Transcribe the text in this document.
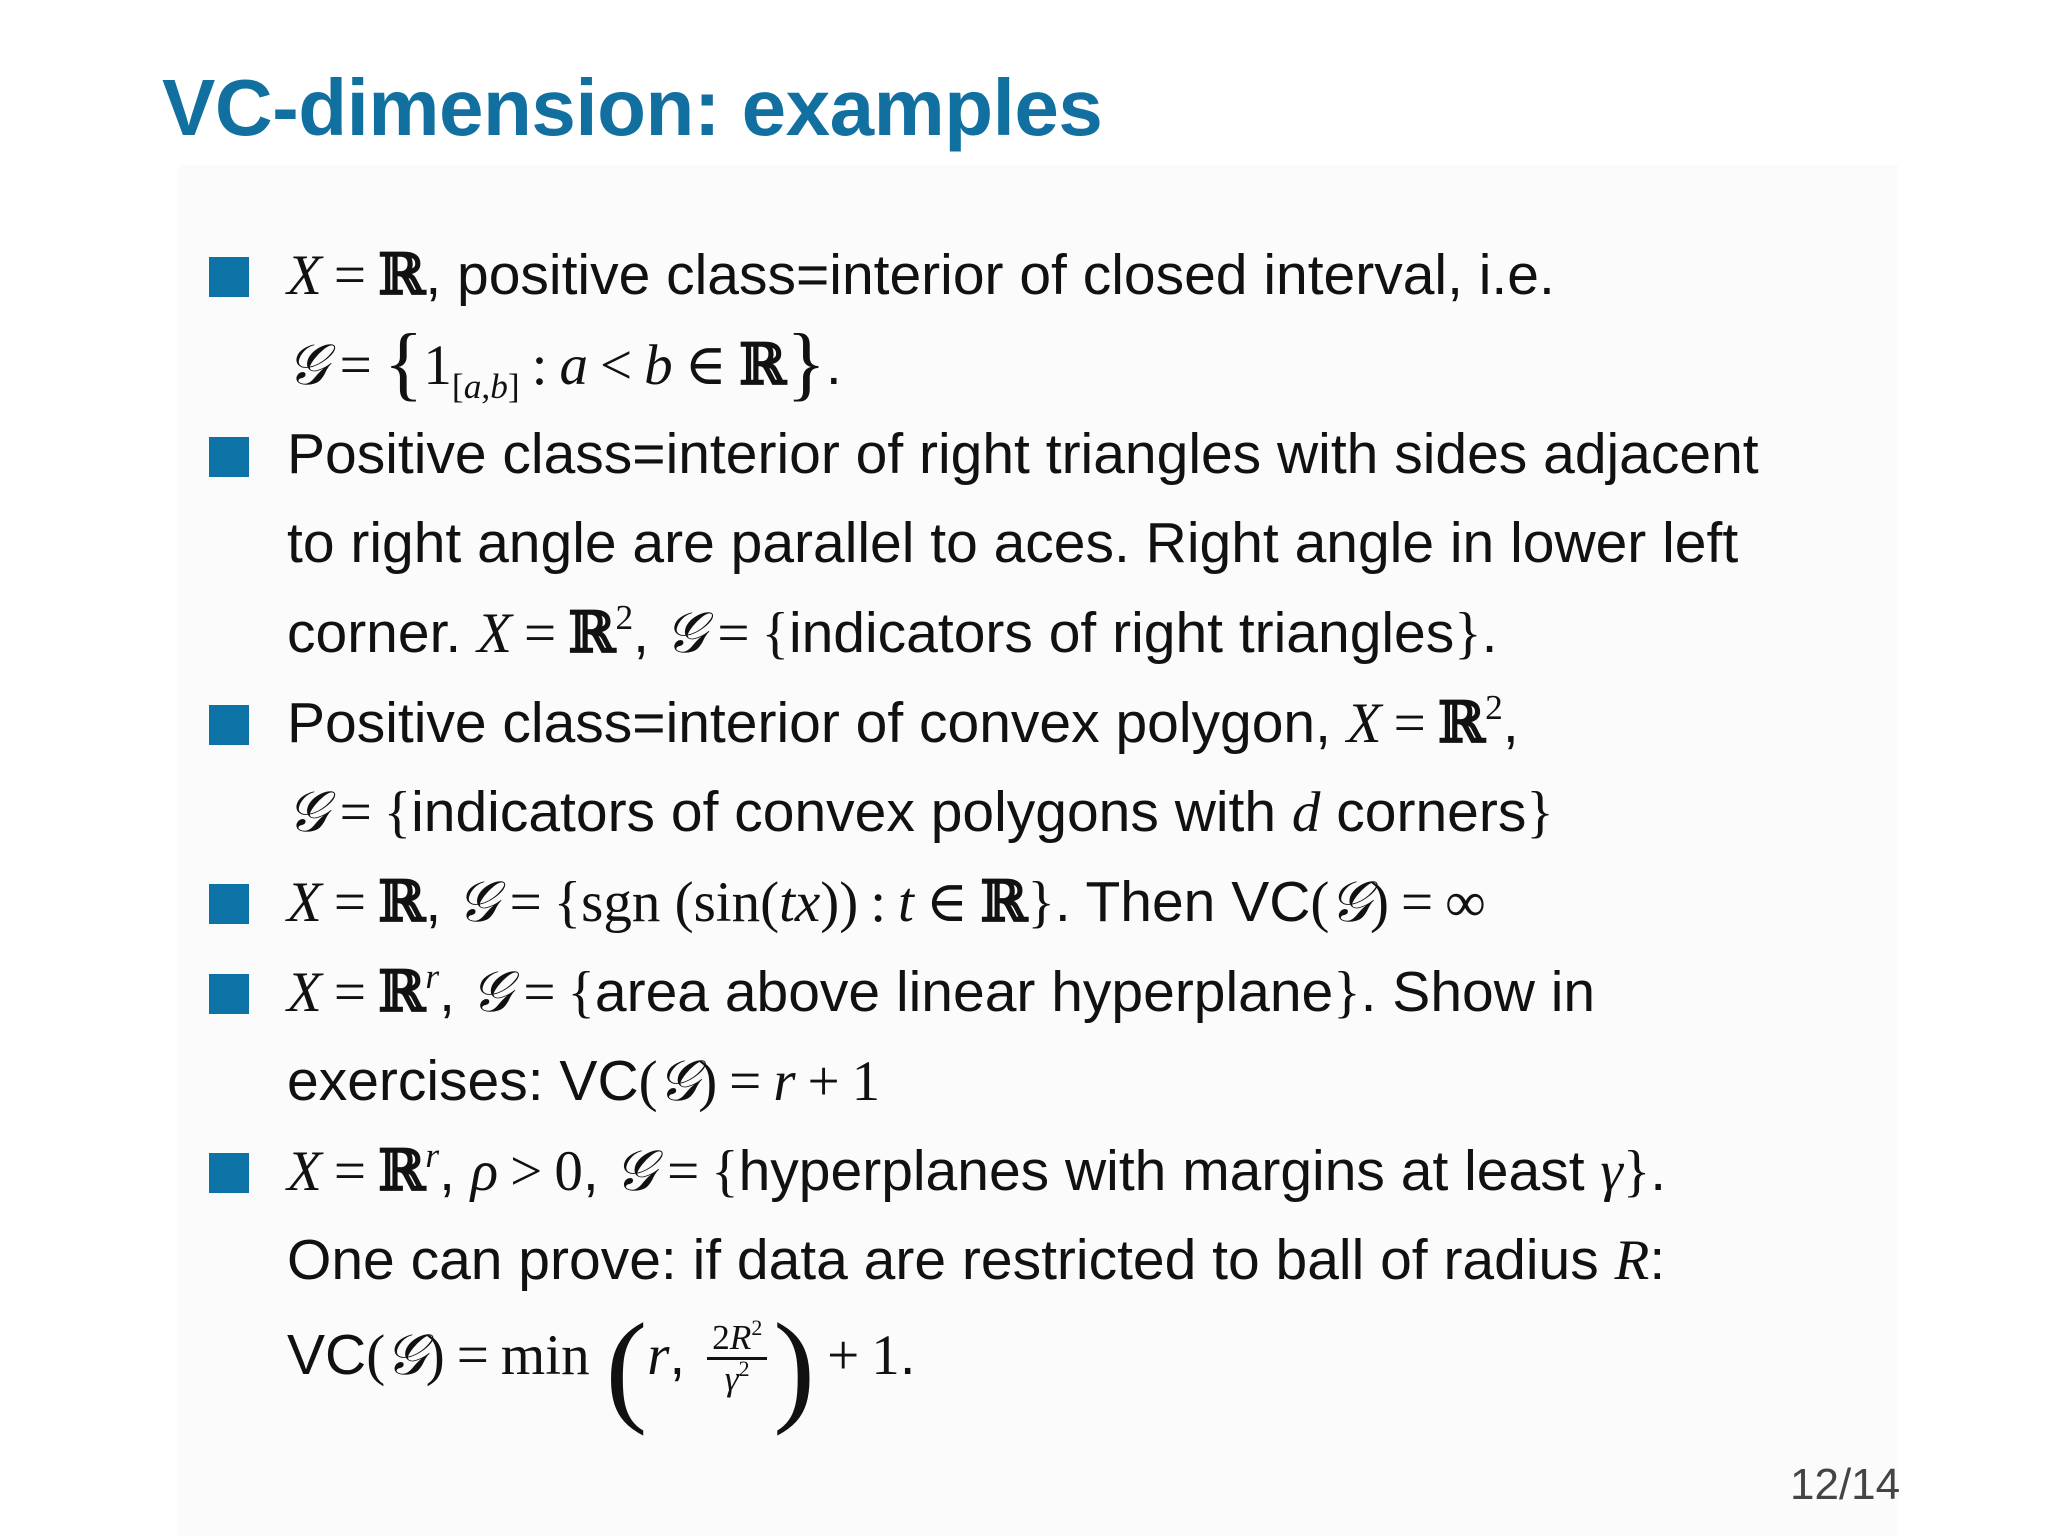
VC-dimension: examples
X = ℝ, positive class=interior of closed interval, i.e.
𝒢 = {$1_{[a,b]}$ : a < b ∈ ℝ}.
Positive class=interior of right triangles with sides adjacent
to right angle are parallel to aces. Right angle in lower left
corner. X = ℝ$^2$, 𝒢 = {indicators of right triangles}.
Positive class=interior of convex polygon, X = ℝ$^2$,
𝒢 = {indicators of convex polygons with d corners}
X = ℝ, 𝒢 = {sgn (sin(tx)) : t ∈ ℝ}. Then VC(𝒢) = ∞
X = ℝ$^r$, 𝒢 = {area above linear hyperplane}. Show in
exercises: VC(𝒢) = r + 1
X = ℝ$^r$, ρ > 0, 𝒢 = {hyperplanes with margins at least γ}.
One can prove: if data are restricted to ball of radius R:
VC(𝒢) = min (r, $\frac{2R^2}{\gamma^2}$ ) + 1.
12/14
